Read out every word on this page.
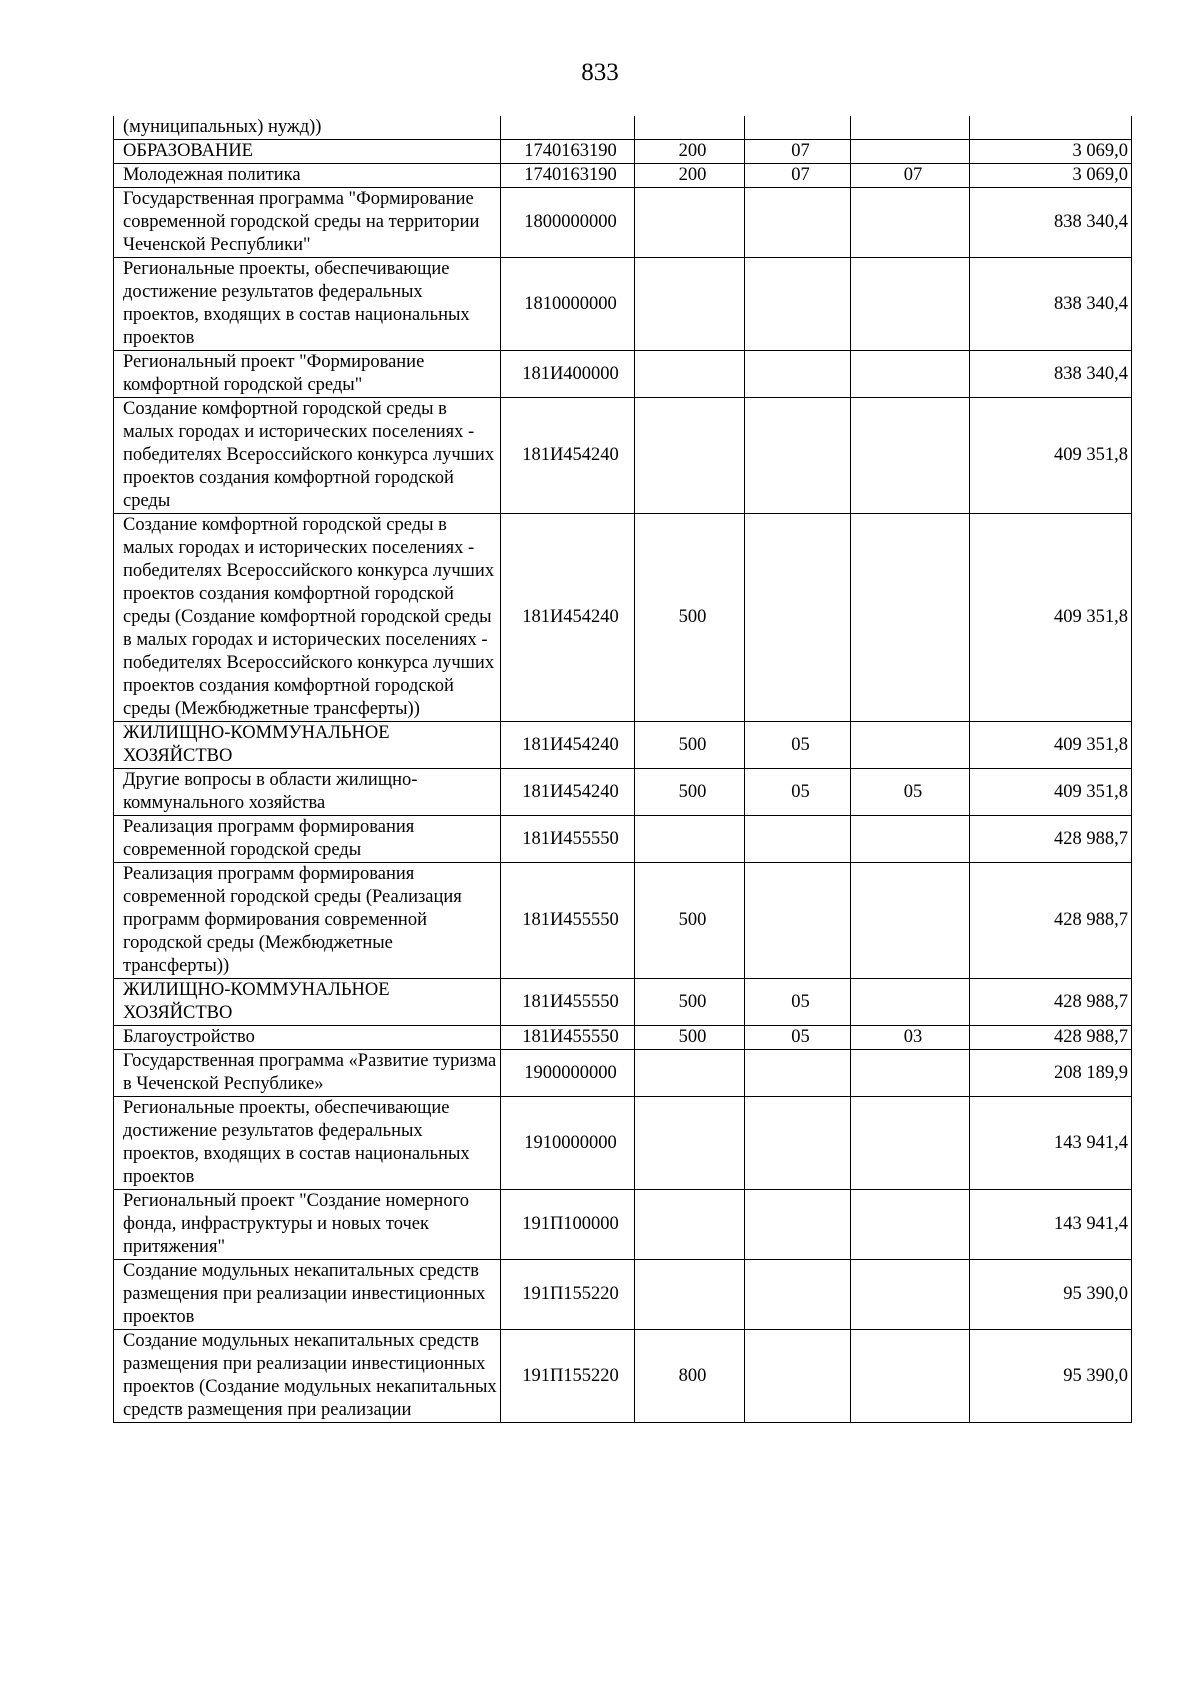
833
(муниципальных) нужд))					
ОБРАЗОВАНИЕ	1740163190	200	07		3 069,0
Молодежная политика	1740163190	200	07	07	3 069,0
Государственная программа "Формирование современной городской среды на территории Чеченской Республики"	1800000000				838 340,4
Региональные проекты, обеспечивающие достижение результатов федеральных проектов, входящих в состав национальных проектов	1810000000				838 340,4
Региональный проект "Формирование комфортной городской среды"	181И400000				838 340,4
Создание комфортной городской среды в малых городах и исторических поселениях - победителях Всероссийского конкурса лучших проектов создания комфортной городской среды	181И454240				409 351,8
Создание комфортной городской среды в малых городах и исторических поселениях - победителях Всероссийского конкурса лучших проектов создания комфортной городской среды (Создание комфортной городской среды в малых городах и исторических поселениях - победителях Всероссийского конкурса лучших проектов создания комфортной городской среды (Межбюджетные трансферты))	181И454240	500			409 351,8
ЖИЛИЩНО-КОММУНАЛЬНОЕ ХОЗЯЙСТВО	181И454240	500	05		409 351,8
Другие вопросы в области жилищно-коммунального хозяйства	181И454240	500	05	05	409 351,8
Реализация программ формирования современной городской среды	181И455550				428 988,7
Реализация программ формирования современной городской среды (Реализация программ формирования современной городской среды (Межбюджетные трансферты))	181И455550	500			428 988,7
ЖИЛИЩНО-КОММУНАЛЬНОЕ ХОЗЯЙСТВО	181И455550	500	05		428 988,7
Благоустройство	181И455550	500	05	03	428 988,7
Государственная программа «Развитие туризма в Чеченской Республике»	1900000000				208 189,9
Региональные проекты, обеспечивающие достижение результатов федеральных проектов, входящих в состав национальных проектов	1910000000				143 941,4
Региональный проект "Создание номерного фонда, инфраструктуры и новых точек притяжения"	191П100000				143 941,4
Создание модульных некапитальных средств размещения при реализации инвестиционных проектов	191П155220				95 390,0
Создание модульных некапитальных средств размещения при реализации инвестиционных проектов (Создание модульных некапитальных средств размещения при реализации	191П155220	800			95 390,0
